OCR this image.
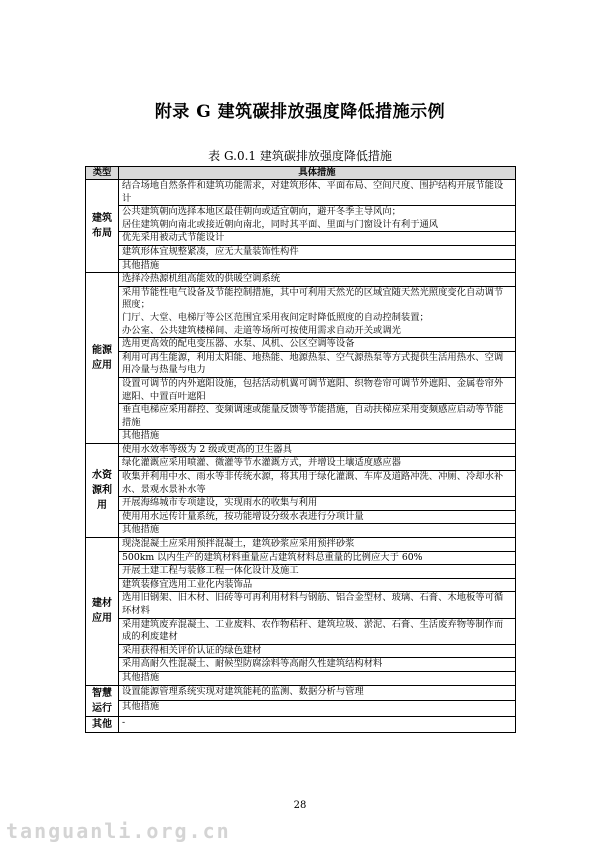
附录 G 建筑碳排放强度降低措施示例
表 G.0.1 建筑碳排放强度降低措施
类型	具体措施
建筑
布局	结合场地自然条件和建筑功能需求，对建筑形体、平面布局、空间尺度、围护结构开展节能设计
	公共建筑朝向选择本地区最佳朝向或适宜朝向，避开冬季主导风向；
居住建筑朝向南北或接近朝向南北，同时其平面、里面与门窗设计有利于通风
	优先采用被动式节能设计
	建筑形体宜规整紧凑，应无大量装饰性构件
	其他措施
能源
应用	选择冷热源机组高能效的供暖空调系统
	采用节能性电气设备及节能控制措施，其中可利用天然光的区域宜随天然光照度变化自动调节照度；
门厅、大堂、电梯厅等公区范围宜采用夜间定时降低照度的自动控制装置；
办公室、公共建筑楼梯间、走道等场所可按使用需求自动开关或调光
	选用更高效的配电变压器、水泵、风机、公区空调等设备
	利用可再生能源，利用太阳能、地热能、地源热泵、空气源热泵等方式提供生活用热水、空调用冷量与热量与电力
	设置可调节的内外遮阳设施，包括活动机翼可调节遮阳、织物卷帘可调节外遮阳、金属卷帘外遮阳、中置百叶遮阳
	垂直电梯应采用群控、变频调速或能量反馈等节能措施，自动扶梯应采用变频感应启动等节能措施
	其他措施
水资
源利
用	使用水效率等级为 2 级或更高的卫生器具
	绿化灌溉应采用喷灌、微灌等节水灌溉方式，并增设土壤适度感应器
	收集并利用中水、雨水等非传统水源，将其用于绿化灌溉、车库及道路冲洗、冲厕、冷却水补水、景观水景补水等
	开展海绵城市专项建设，实现雨水的收集与利用
	使用用水远传计量系统，按功能增设分级水表进行分项计量
	其他措施
建材
应用	现浇混凝土应采用预拌混凝土，建筑砂浆应采用预拌砂浆
	500km 以内生产的建筑材料重量应占建筑材料总重量的比例应大于 60%
	开展土建工程与装修工程一体化设计及施工
	建筑装修宜选用工业化内装饰品
	选用旧钢架、旧木材、旧砖等可再利用材料与钢筋、铝合金型材、玻璃、石膏、木地板等可循环材料
	采用建筑废弃混凝土、工业废料、农作物秸秆、建筑垃圾、淤泥、石膏、生活废弃物等制作而成的利废建材
	采用获得相关评价认证的绿色建材
	采用高耐久性混凝土、耐候型防腐涂料等高耐久性建筑结构材料
	其他措施
智慧
运行	设置能源管理系统实现对建筑能耗的监测、数据分析与管理
	其他措施
其他	-
28
tanguanli.org.cn
